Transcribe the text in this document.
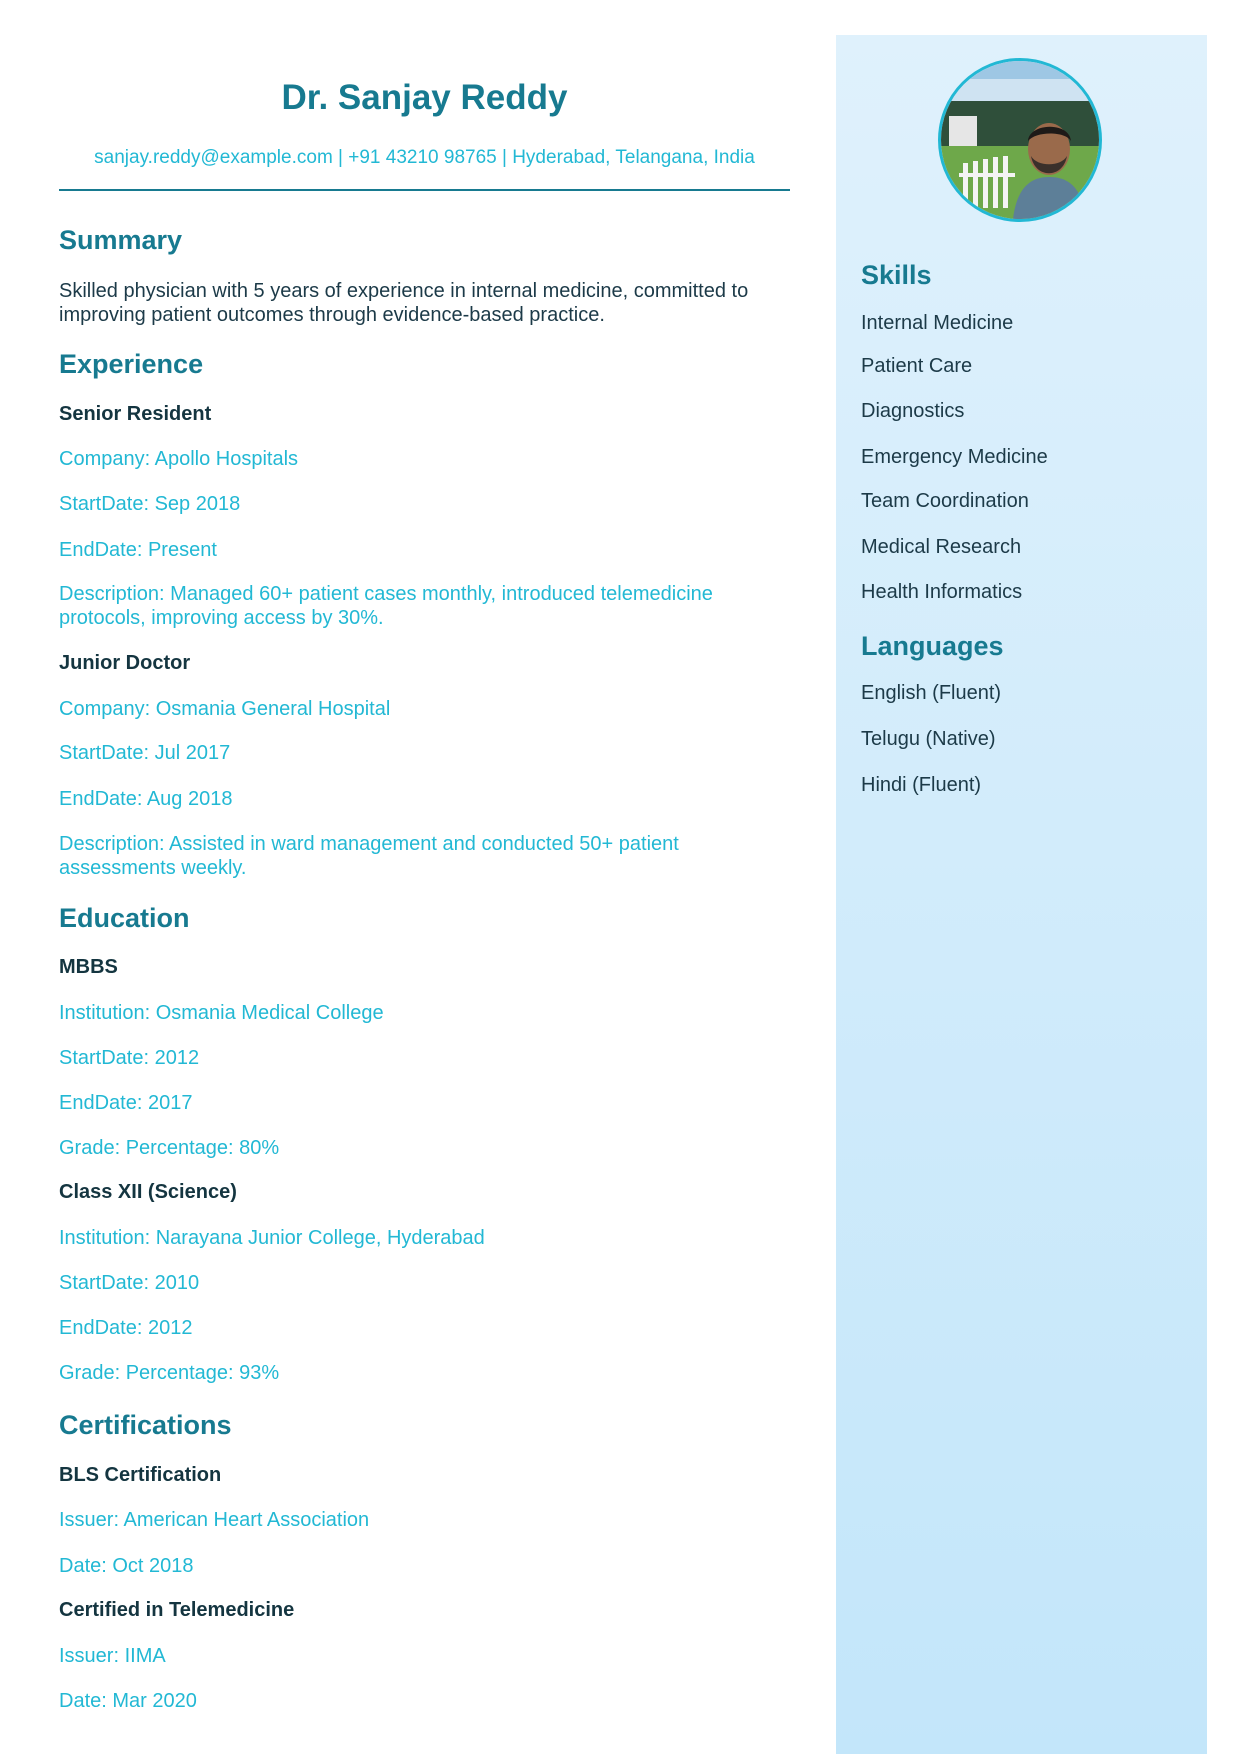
Dr. Sanjay Reddy
sanjay.reddy@example.com | +91 43210 98765 | Hyderabad, Telangana, India
Summary
Skilled physician with 5 years of experience in internal medicine, committed to improving patient outcomes through evidence-based practice.
Experience
Senior Resident
Company: Apollo Hospitals
StartDate: Sep 2018
EndDate: Present
Description: Managed 60+ patient cases monthly, introduced telemedicine protocols, improving access by 30%.
Junior Doctor
Company: Osmania General Hospital
StartDate: Jul 2017
EndDate: Aug 2018
Description: Assisted in ward management and conducted 50+ patient assessments weekly.
Education
MBBS
Institution: Osmania Medical College
StartDate: 2012
EndDate: 2017
Grade: Percentage: 80%
Class XII (Science)
Institution: Narayana Junior College, Hyderabad
StartDate: 2010
EndDate: 2012
Grade: Percentage: 93%
Certifications
BLS Certification
Issuer: American Heart Association
Date: Oct 2018
Certified in Telemedicine
Issuer: IIMA
Date: Mar 2020
Skills
Internal Medicine
Patient Care
Diagnostics
Emergency Medicine
Team Coordination
Medical Research
Health Informatics
Languages
English (Fluent)
Telugu (Native)
Hindi (Fluent)
